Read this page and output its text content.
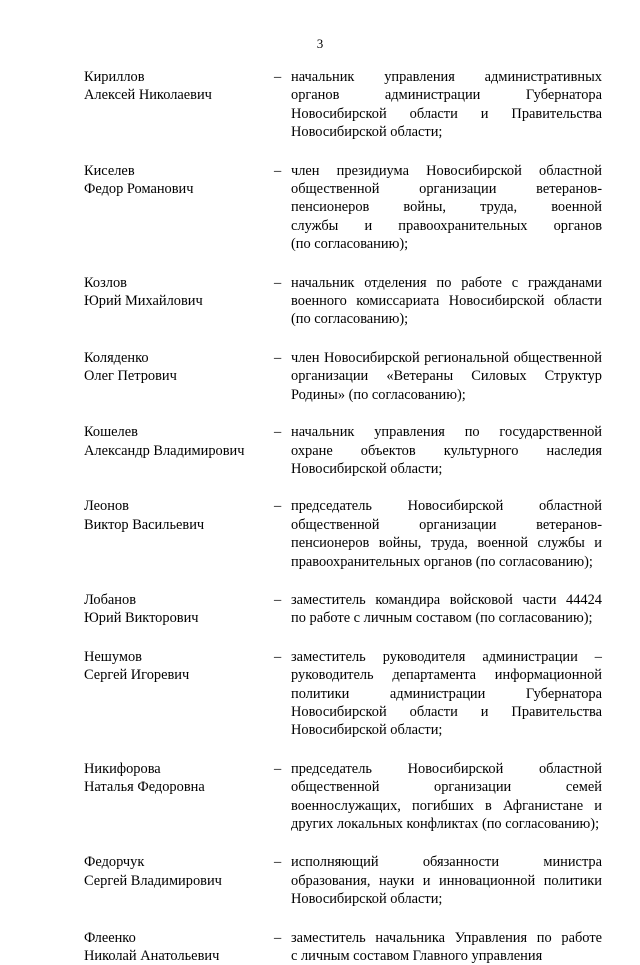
3
Кириллов
Алексей Николаевич
– начальник управления административных
органов администрации Губернатора
Новосибирской области и Правительства
Новосибирской области;
Киселев
Федор Романович
– член президиума Новосибирской областной
общественной организации ветеранов-
пенсионеров войны, труда, военной
службы и правоохранительных органов
(по согласованию);
Козлов
Юрий Михайлович
– начальник отделения по работе с гражданами
военного комиссариата Новосибирской области
(по согласованию);
Коляденко
Олег Петрович
– член Новосибирской региональной общественной
организации «Ветераны Силовых Структур
Родины» (по согласованию);
Кошелев
Александр Владимирович
– начальник управления по государственной
охране объектов культурного наследия
Новосибирской области;
Леонов
Виктор Васильевич
– председатель Новосибирской областной
общественной организации ветеранов-
пенсионеров войны, труда, военной службы и
правоохранительных органов (по согласованию);
Лобанов
Юрий Викторович
– заместитель командира войсковой части 44424
по работе с личным составом (по согласованию);
Нешумов
Сергей Игоревич
– заместитель руководителя администрации –
руководитель департамента информационной
политики администрации Губернатора
Новосибирской области и Правительства
Новосибирской области;
Никифорова
Наталья Федоровна
– председатель Новосибирской областной
общественной организации семей
военнослужащих, погибших в Афганистане и
других локальных конфликтах (по согласованию);
Федорчук
Сергей Владимирович
– исполняющий обязанности министра
образования, науки и инновационной политики
Новосибирской области;
Флеенко
Николай Анатольевич
– заместитель начальника Управления по работе
с личным составом Главного управления
